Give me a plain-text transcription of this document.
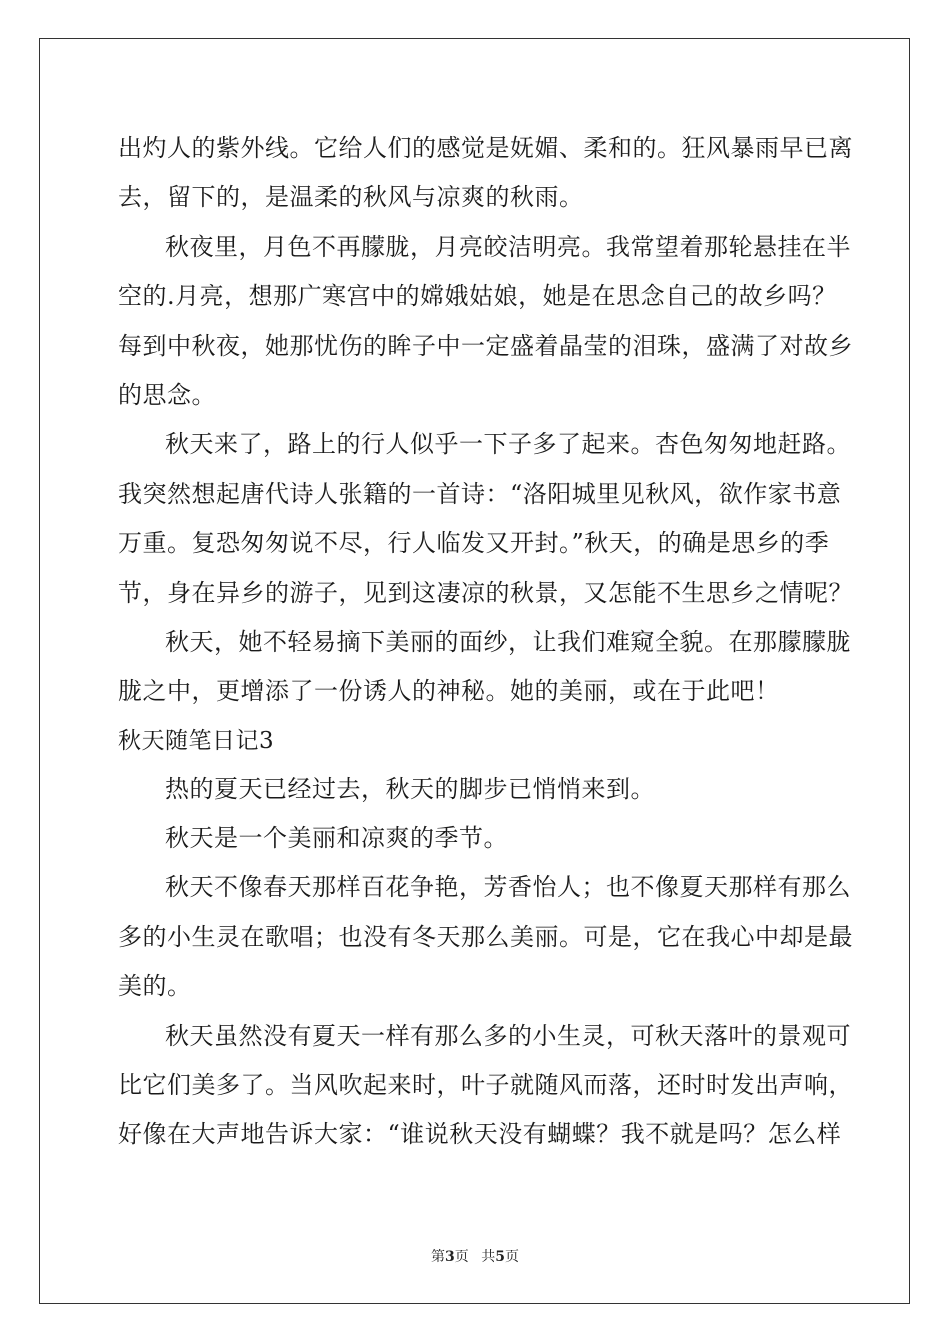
出灼人的紫外线。它给人们的感觉是妩媚、柔和的。狂风暴雨早已离
去，留下的，是温柔的秋风与凉爽的秋雨。
秋夜里，月色不再朦胧，月亮皎洁明亮。我常望着那轮悬挂在半
空的.月亮，想那广寒宫中的嫦娥姑娘，她是在思念自己的故乡吗？
每到中秋夜，她那忧伤的眸子中一定盛着晶莹的泪珠，盛满了对故乡
的思念。
秋天来了，路上的行人似乎一下子多了起来。杏色匆匆地赶路。
我突然想起唐代诗人张籍的一首诗：“洛阳城里见秋风，欲作家书意
万重。复恐匆匆说不尽，行人临发又开封。”秋天，的确是思乡的季
节，身在异乡的游子，见到这凄凉的秋景，又怎能不生思乡之情呢？
秋天，她不轻易摘下美丽的面纱，让我们难窥全貌。在那朦朦胧
胧之中，更增添了一份诱人的神秘。她的美丽，或在于此吧！
秋天随笔日记3
热的夏天已经过去，秋天的脚步已悄悄来到。
秋天是一个美丽和凉爽的季节。
秋天不像春天那样百花争艳，芳香怡人；也不像夏天那样有那么
多的小生灵在歌唱；也没有冬天那么美丽。可是，它在我心中却是最
美的。
秋天虽然没有夏天一样有那么多的小生灵，可秋天落叶的景观可
比它们美多了。当风吹起来时，叶子就随风而落，还时时发出声响，
好像在大声地告诉大家：“谁说秋天没有蝴蝶？我不就是吗？怎么样
第3页 共5页
